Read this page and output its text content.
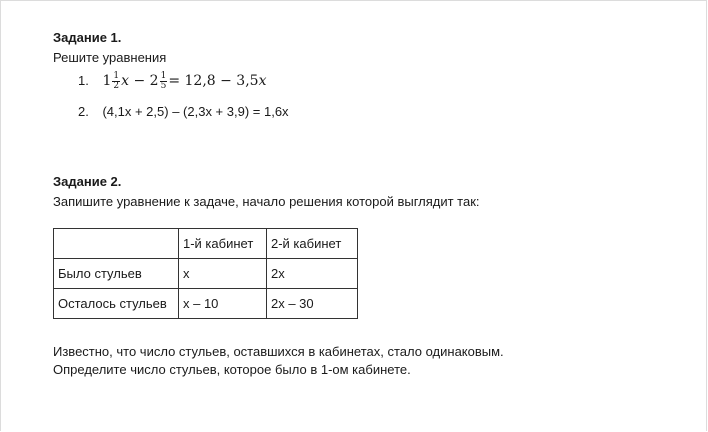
Задание 1.
Решите уравнения
1. $1 \frac{1}{2}$ $x - 2 \frac{1}{5} = 12,8 - 3,5x$
2. (4,1x + 2,5) – (2,3x + 3,9) = 1,6x
Задание 2.
Запишите уравнение к задаче, начало решения которой выглядит так:
	1-й кабинет	2-й кабинет
Было стульев	x	2x
Осталось стульев	x – 10	2x – 30
Известно, что число стульев, оставшихся в кабинетах, стало одинаковым.
Определите число стульев, которое было в 1-ом кабинете.
